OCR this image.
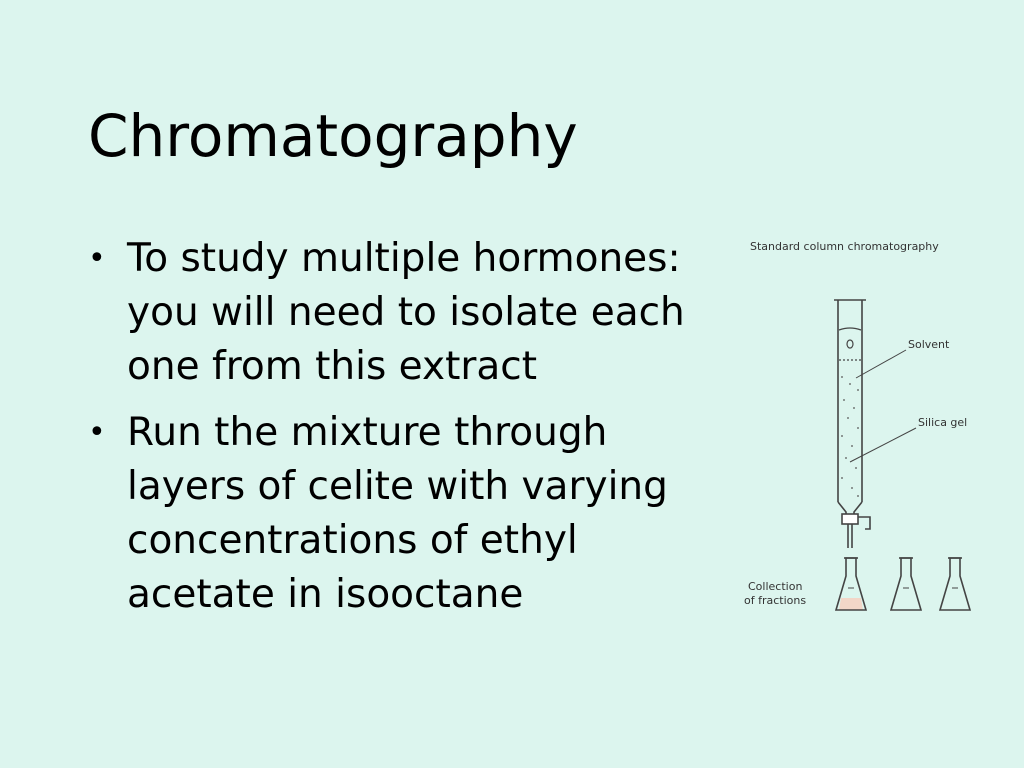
Chromatography
• To study multiple hormones: you will need to isolate each one from this extract
• Run the mixture through layers of celite with varying concentrations of ethyl acetate in isooctane
Standard column chromatography
Solvent
Silica gel
Collection
of fractions
